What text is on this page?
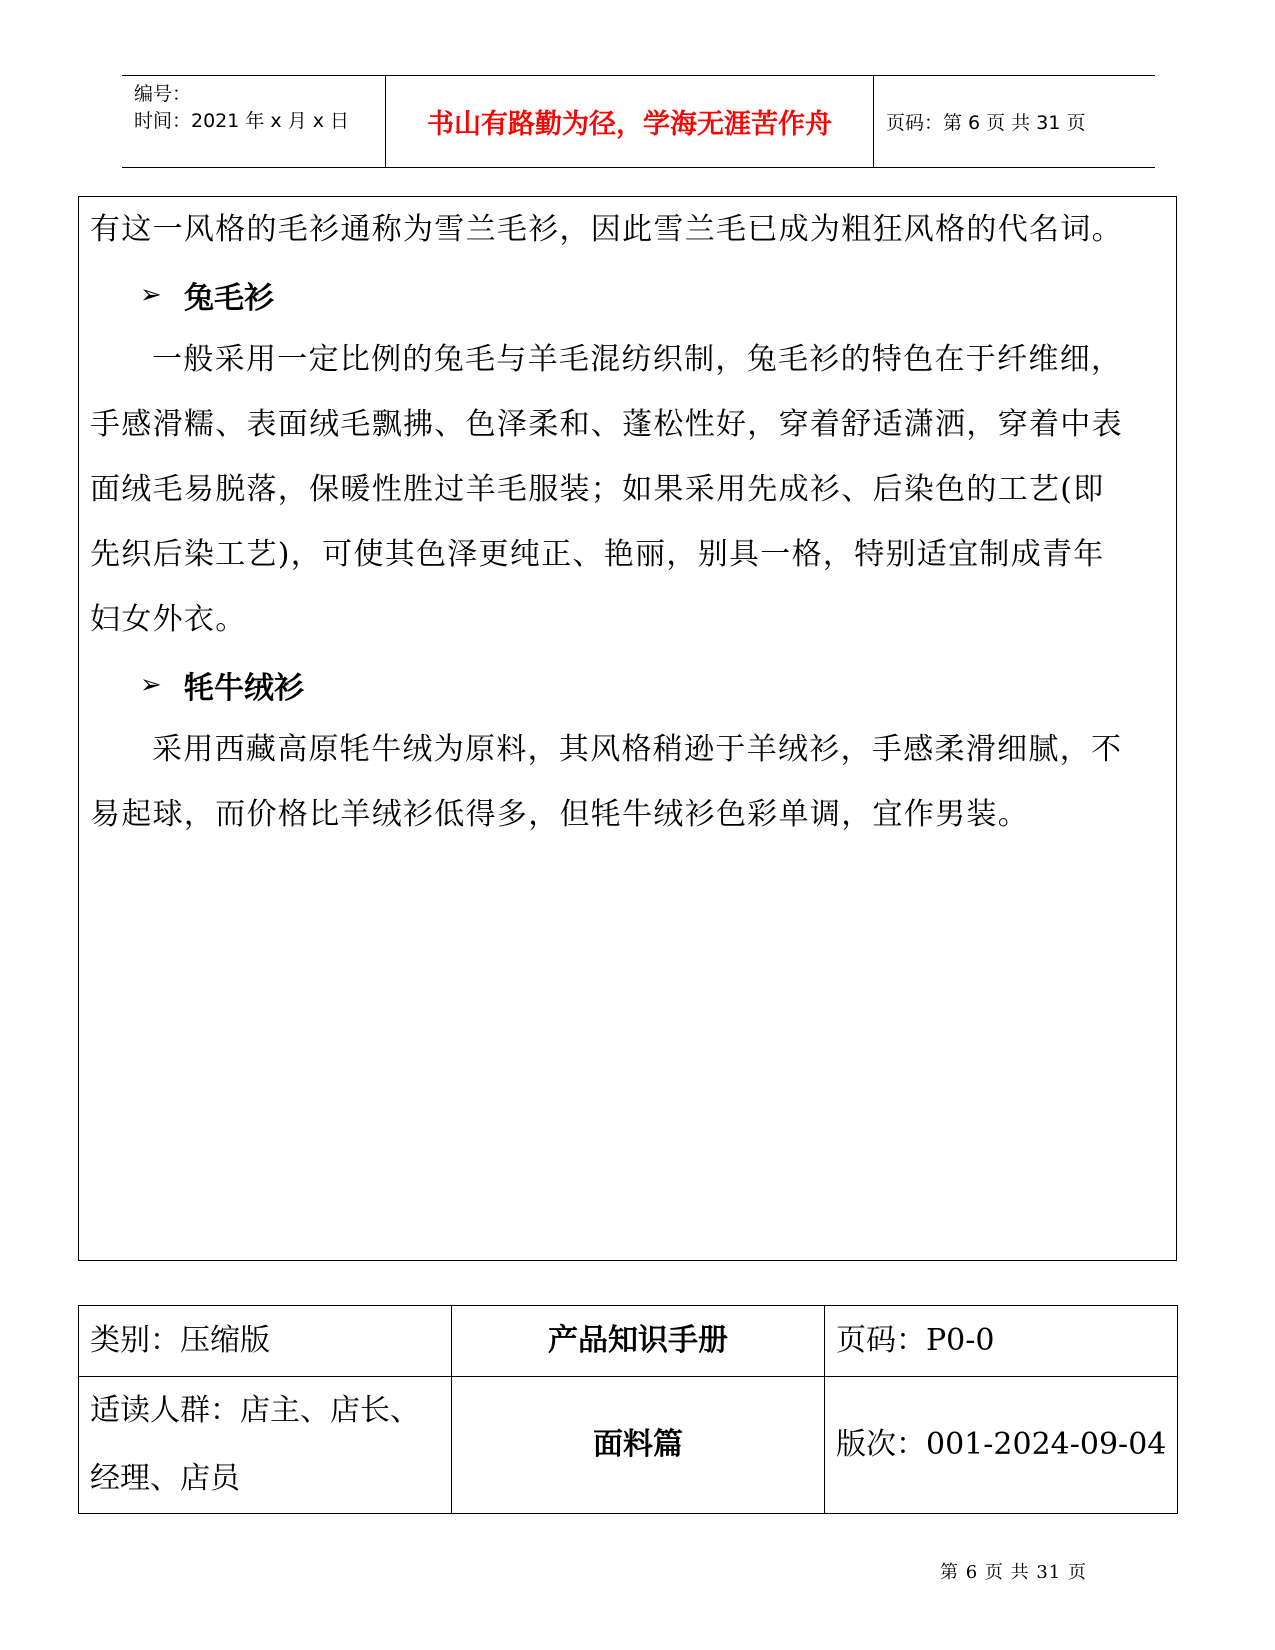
编号：
时间：2021 年 x 月 x 日	书山有路勤为径，学海无涯苦作舟	页码：第 6 页 共 31 页

有这一风格的毛衫通称为雪兰毛衫，因此雪兰毛已成为粗狂风格的代名词。

➢ 兔毛衫

一般采用一定比例的兔毛与羊毛混纺织制，兔毛衫的特色在于纤维细，

手感滑糯、表面绒毛飘拂、色泽柔和、蓬松性好，穿着舒适潇洒，穿着中表

面绒毛易脱落，保暖性胜过羊毛服装；如果采用先成衫、后染色的工艺(即

先织后染工艺)，可使其色泽更纯正、艳丽，别具一格，特别适宜制成青年

妇女外衣。

➢ 牦牛绒衫

采用西藏高原牦牛绒为原料，其风格稍逊于羊绒衫，手感柔滑细腻，不

易起球，而价格比羊绒衫低得多，但牦牛绒衫色彩单调，宜作男装。

类别：压缩版	产品知识手册	页码：P0-0

适读人群：店主、店长、
经理、店员	面料篇	版次：001-2024-09-04
第 6 页 共 31 页
